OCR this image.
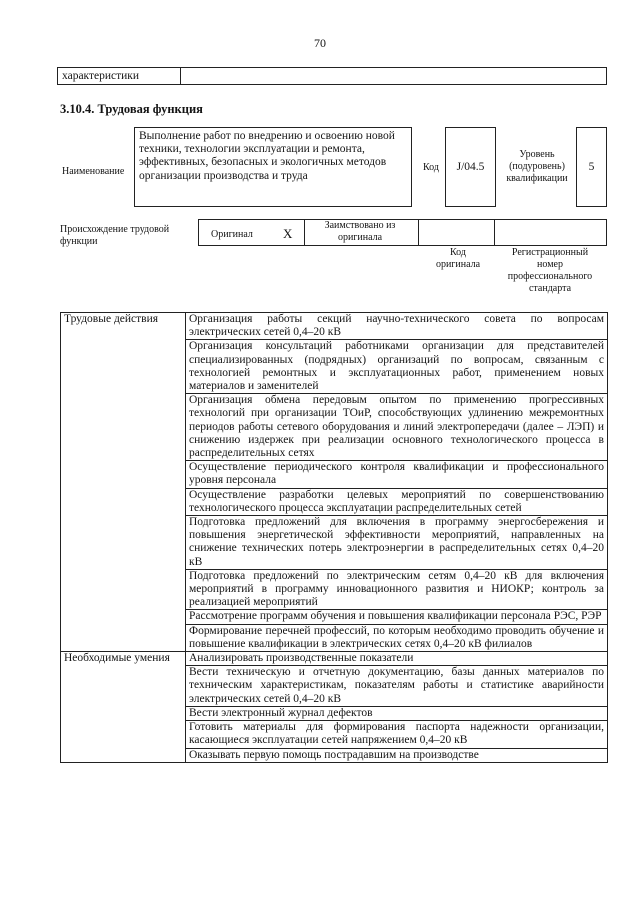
70
характеристики
3.10.4. Трудовая функция
Наименование
Выполнение работ по внедрению и освоению новой техники, технологии эксплуатации и ремонта, эффективных, безопасных и экологичных методов организации производства и труда
Код	J/04.5
Уровень (подуровень) квалификации
5
Происхождение трудовой функции
Оригинал X
Заимствовано из оригинала
Код оригинала
Регистрационный номер профессионального стандарта
Трудовые действия	Организация работы секций научно-технического совета по вопросам электрических сетей 0,4–20 кВ
	Организация консультаций работниками организации для представителей специализированных (подрядных) организаций по вопросам, связанным с технологией ремонтных и эксплуатационных работ, применением новых материалов и заменителей
	Организация обмена передовым опытом по применению прогрессивных технологий при организации ТОиР, способствующих удлинению межремонтных периодов работы сетевого оборудования и линий электропередачи (далее – ЛЭП) и снижению издержек при реализации основного технологического процесса в распределительных сетях
	Осуществление периодического контроля квалификации и профессионального уровня персонала
	Осуществление разработки целевых мероприятий по совершенствованию технологического процесса эксплуатации распределительных сетей
	Подготовка предложений для включения в программу энергосбережения и повышения энергетической эффективности мероприятий, направленных на снижение технических потерь электроэнергии в распределительных сетях 0,4–20 кВ
	Подготовка предложений по электрическим сетям 0,4–20 кВ для включения мероприятий в программу инновационного развития и НИОКР; контроль за реализацией мероприятий
	Рассмотрение программ обучения и повышения квалификации персонала РЭС, РЭР
	Формирование перечней профессий, по которым необходимо проводить обучение и повышение квалификации в электрических сетях 0,4–20 кВ филиалов
Необходимые умения	Анализировать производственные показатели
	Вести техническую и отчетную документацию, базы данных материалов по техническим характеристикам, показателям работы и статистике аварийности электрических сетей 0,4–20 кВ
	Вести электронный журнал дефектов
	Готовить материалы для формирования паспорта надежности организации, касающиеся эксплуатации сетей напряжением 0,4–20 кВ
	Оказывать первую помощь пострадавшим на производстве
